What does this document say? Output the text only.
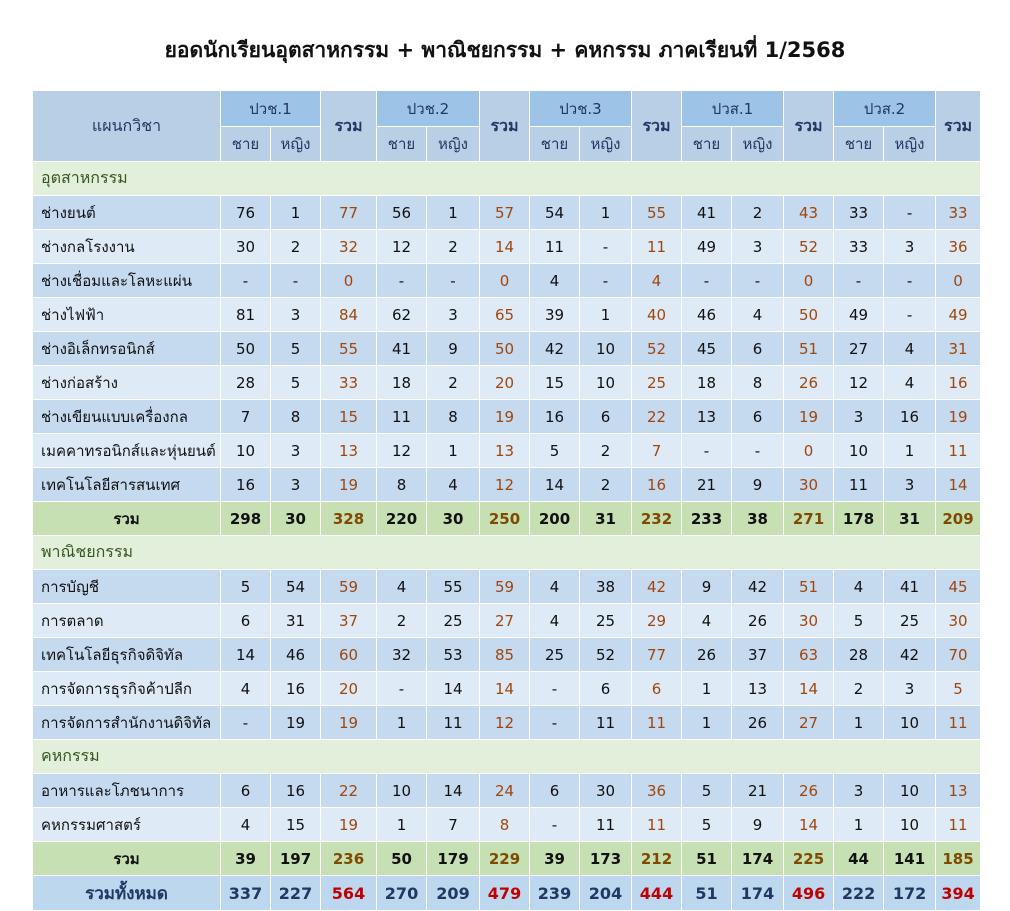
ยอดนักเรียนอุตสาหกรรม + พาณิชยกรรม + คหกรรม ภาคเรียนที่ 1/2568
แผนกวิชา	ปวช.1		รวม	ปวช.2		รวม	ปวช.3		รวม	ปวส.1		รวม	ปวส.2		รวม
	ชาย	หญิง		ชาย	หญิง		ชาย	หญิง		ชาย	หญิง		ชาย	หญิง	
อุตสาหกรรม															
ช่างยนต์	76	1	77	56	1	57	54	1	55	41	2	43	33	-	33
ช่างกลโรงงาน	30	2	32	12	2	14	11	-	11	49	3	52	33	3	36
ช่างเชื่อมและโลหะแผ่น	-	-	0	-	-	0	4	-	4	-	-	0	-	-	0
ช่างไฟฟ้า	81	3	84	62	3	65	39	1	40	46	4	50	49	-	49
ช่างอิเล็กทรอนิกส์	50	5	55	41	9	50	42	10	52	45	6	51	27	4	31
ช่างก่อสร้าง	28	5	33	18	2	20	15	10	25	18	8	26	12	4	16
ช่างเขียนแบบเครื่องกล	7	8	15	11	8	19	16	6	22	13	6	19	3	16	19
เมคคาทรอนิกส์และหุ่นยนต์	10	3	13	12	1	13	5	2	7	-	-	0	10	1	11
เทคโนโลยีสารสนเทศ	16	3	19	8	4	12	14	2	16	21	9	30	11	3	14
รวม	298	30	328	220	30	250	200	31	232	233	38	271	178	31	209
พาณิชยกรรม															
การบัญชี	5	54	59	4	55	59	4	38	42	9	42	51	4	41	45
การตลาด	6	31	37	2	25	27	4	25	29	4	26	30	5	25	30
เทคโนโลยีธุรกิจดิจิทัล	14	46	60	32	53	85	25	52	77	26	37	63	28	42	70
การจัดการธุรกิจค้าปลีก	4	16	20	-	14	14	-	6	6	1	13	14	2	3	5
การจัดการสำนักงานดิจิทัล	-	19	19	1	11	12	-	11	11	1	26	27	1	10	11
คหกรรม															
อาหารและโภชนาการ	6	16	22	10	14	24	6	30	36	5	21	26	3	10	13
คหกรรมศาสตร์	4	15	19	1	7	8	-	11	11	5	9	14	1	10	11
รวม	39	197	236	50	179	229	39	173	212	51	174	225	44	141	185
รวมทั้งหมด	337	227	564	270	209	479	239	204	444	51	174	496	222	172	394
